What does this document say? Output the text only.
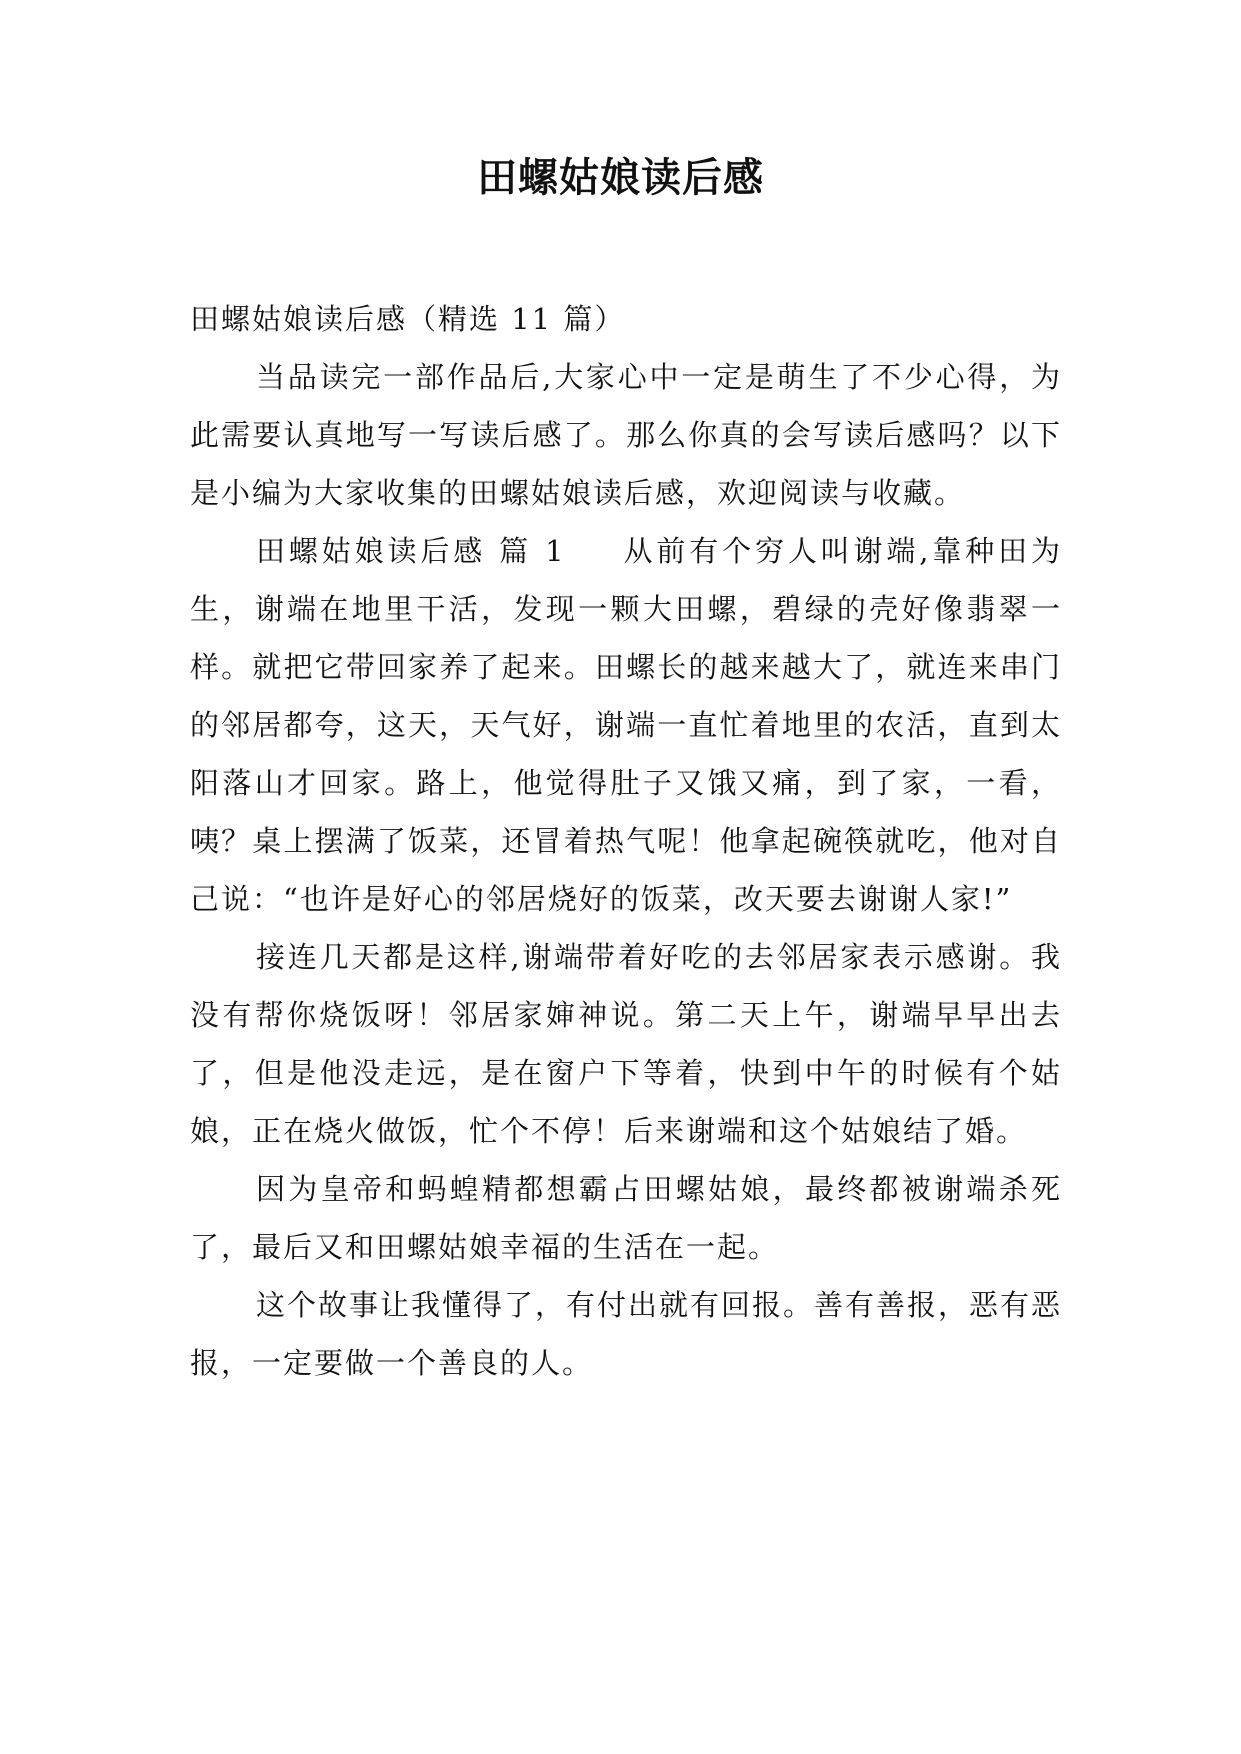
田螺姑娘读后感

田螺姑娘读后感（精选 11 篇）

当品读完一部作品后,大家心中一定是萌生了不少心得，为此需要认真地写一写读后感了。那么你真的会写读后感吗？以下是小编为大家收集的田螺姑娘读后感，欢迎阅读与收藏。

田螺姑娘读后感 篇 1 从前有个穷人叫谢端,靠种田为生，谢端在地里干活，发现一颗大田螺，碧绿的壳好像翡翠一样。就把它带回家养了起来。田螺长的越来越大了，就连来串门的邻居都夸，这天，天气好，谢端一直忙着地里的农活，直到太阳落山才回家。路上，他觉得肚子又饿又痛，到了家，一看，咦？桌上摆满了饭菜，还冒着热气呢！他拿起碗筷就吃，他对自己说：“也许是好心的邻居烧好的饭菜，改天要去谢谢人家!”

接连几天都是这样,谢端带着好吃的去邻居家表示感谢。我没有帮你烧饭呀！邻居家婶神说。第二天上午，谢端早早出去了，但是他没走远，是在窗户下等着，快到中午的时候有个姑娘，正在烧火做饭，忙个不停！后来谢端和这个姑娘结了婚。

因为皇帝和蚂蝗精都想霸占田螺姑娘，最终都被谢端杀死了，最后又和田螺姑娘幸福的生活在一起。

这个故事让我懂得了，有付出就有回报。善有善报，恶有恶报，一定要做一个善良的人。
